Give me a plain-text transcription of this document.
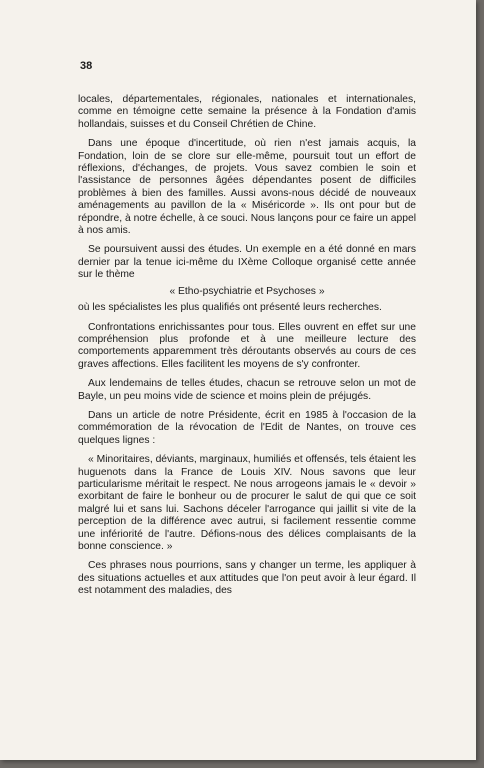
38

locales, départementales, régionales, nationales et internationales, comme en témoigne cette semaine la présence à la Fondation d'amis hollandais, suisses et du Conseil Chrétien de Chine.

Dans une époque d'incertitude, où rien n'est jamais acquis, la Fondation, loin de se clore sur elle-même, poursuit tout un effort de réflexions, d'échanges, de projets. Vous savez combien le soin et l'assistance de personnes âgées dépendantes posent de difficiles problèmes à bien des familles. Aussi avons-nous décidé de nouveaux aménagements au pavillon de la « Miséricorde ». Ils ont pour but de répondre, à notre échelle, à ce souci. Nous lançons pour ce faire un appel à nos amis.

Se poursuivent aussi des études. Un exemple en a été donné en mars dernier par la tenue ici-même du IXème Colloque organisé cette année sur le thème

« Etho-psychiatrie et Psychoses »

où les spécialistes les plus qualifiés ont présenté leurs recherches.

Confrontations enrichissantes pour tous. Elles ouvrent en effet sur une compréhension plus profonde et à une meilleure lecture des comportements apparemment très déroutants observés au cours de ces graves affections. Elles facilitent les moyens de s'y confronter.

Aux lendemains de telles études, chacun se retrouve selon un mot de Bayle, un peu moins vide de science et moins plein de préjugés.

Dans un article de notre Présidente, écrit en 1985 à l'occasion de la commémoration de la révocation de l'Edit de Nantes, on trouve ces quelques lignes :

« Minoritaires, déviants, marginaux, humiliés et offensés, tels étaient les huguenots dans la France de Louis XIV. Nous savons que leur particularisme méritait le respect. Ne nous arrogeons jamais le « devoir » exorbitant de faire le bonheur ou de procurer le salut de qui que ce soit malgré lui et sans lui. Sachons déceler l'arrogance qui jaillit si vite de la perception de la différence avec autrui, si facilement ressentie comme une infériorité de l'autre. Défions-nous des délices complaisants de la bonne conscience. »

Ces phrases nous pourrions, sans y changer un terme, les appliquer à des situations actuelles et aux attitudes que l'on peut avoir à leur égard. Il est notamment des maladies, des
